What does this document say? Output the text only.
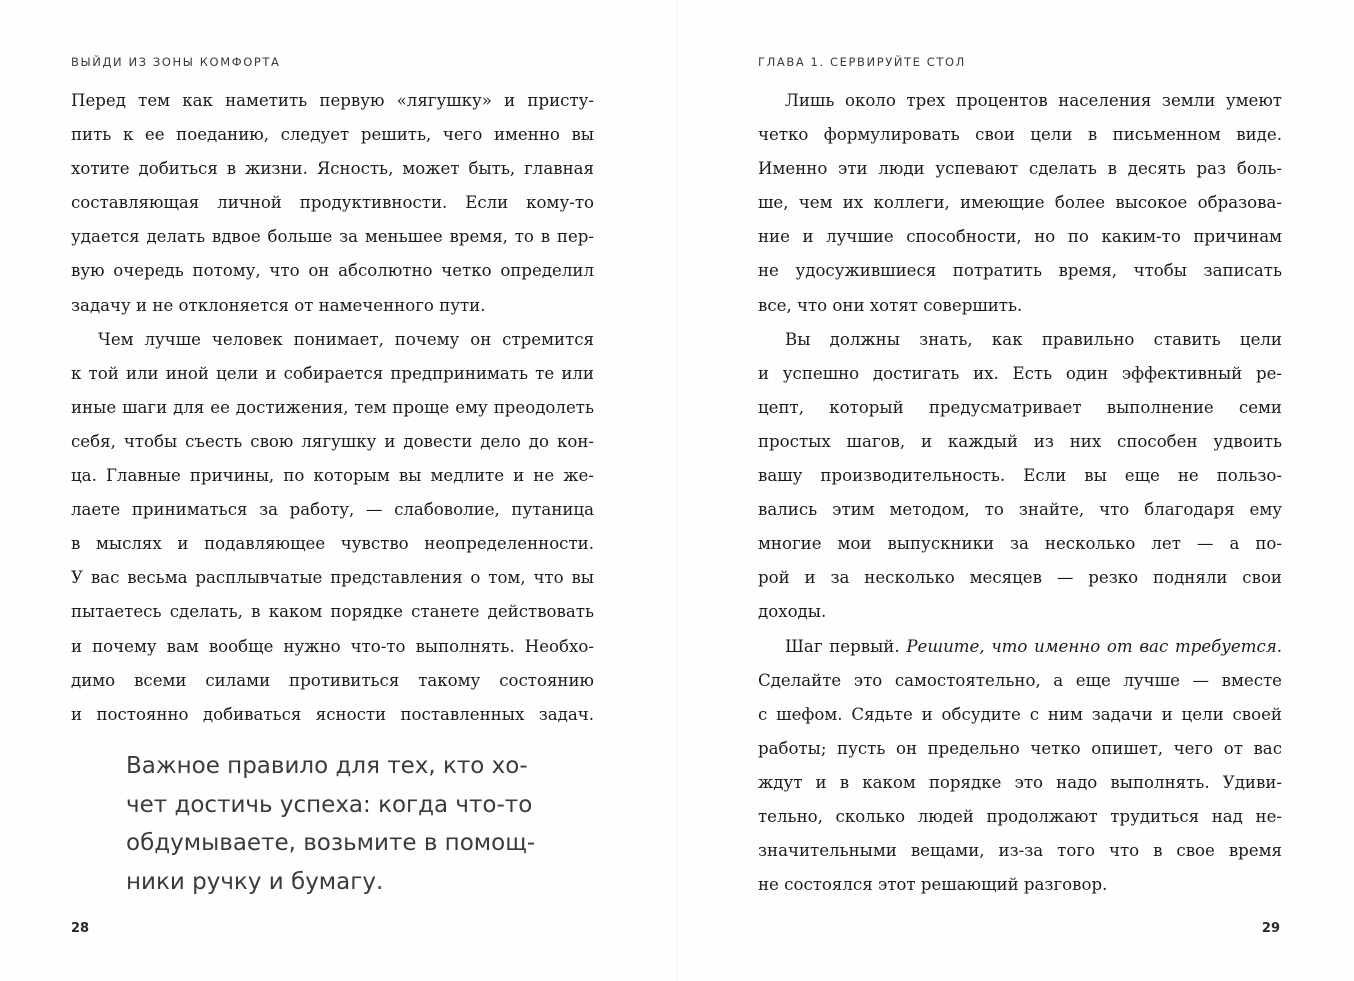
ВЫЙДИ ИЗ ЗОНЫ КОМФОРТА
Перед тем как наметить первую «лягушку» и присту-
пить к ее поеданию, следует решить, чего именно вы
хотите добиться в жизни. Ясность, может быть, главная
составляющая личной продуктивности. Если кому-то
удается делать вдвое больше за меньшее время, то в пер-
вую очередь потому, что он абсолютно четко определил
задачу и не отклоняется от намеченного пути.
Чем лучше человек понимает, почему он стремится
к той или иной цели и собирается предпринимать те или
иные шаги для ее достижения, тем проще ему преодолеть
себя, чтобы съесть свою лягушку и довести дело до кон-
ца. Главные причины, по которым вы медлите и не же-
лаете приниматься за работу, — слабоволие, путаница
в мыслях и подавляющее чувство неопределенности.
У вас весьма расплывчатые представления о том, что вы
пытаетесь сделать, в каком порядке станете действовать
и почему вам вообще нужно что-то выполнять. Необхо-
димо всеми силами противиться такому состоянию
и постоянно добиваться ясности поставленных задач.
Важное правило для тех, кто хо-
чет достичь успеха: когда что-то
обдумываете, возьмите в помощ-
ники ручку и бумагу.
28
ГЛАВА 1. СЕРВИРУЙТЕ СТОЛ
Лишь около трех процентов населения земли умеют
четко формулировать свои цели в письменном виде.
Именно эти люди успевают сделать в десять раз боль-
ше, чем их коллеги, имеющие более высокое образова-
ние и лучшие способности, но по каким-то причинам
не удосужившиеся потратить время, чтобы записать
все, что они хотят совершить.
Вы должны знать, как правильно ставить цели
и успешно достигать их. Есть один эффективный ре-
цепт, который предусматривает выполнение семи
простых шагов, и каждый из них способен удвоить
вашу производительность. Если вы еще не пользо-
вались этим методом, то знайте, что благодаря ему
многие мои выпускники за несколько лет — а по-
рой и за несколько месяцев — резко подняли свои
доходы.
Шаг первый. Решите, что именно от вас требуется.
Сделайте это самостоятельно, а еще лучше — вместе
с шефом. Сядьте и обсудите с ним задачи и цели своей
работы; пусть он предельно четко опишет, чего от вас
ждут и в каком порядке это надо выполнять. Удиви-
тельно, сколько людей продолжают трудиться над не-
значительными вещами, из-за того что в свое время
не состоялся этот решающий разговор.
29
